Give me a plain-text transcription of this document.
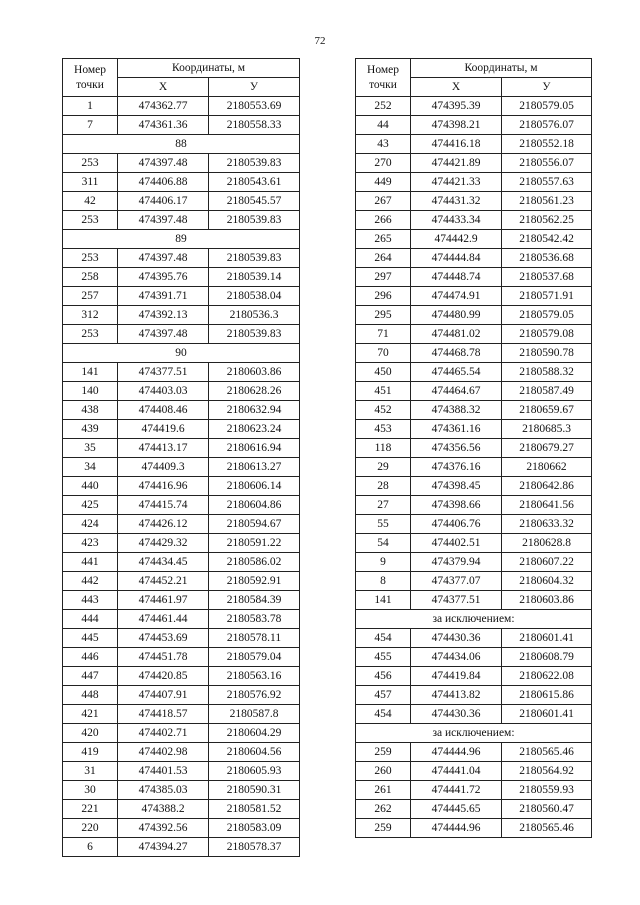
72
Номер точки	Координаты, м	
	X	У
1	474362.77	2180553.69
7	474361.36	2180558.33
88		
253	474397.48	2180539.83
311	474406.88	2180543.61
42	474406.17	2180545.57
253	474397.48	2180539.83
89		
253	474397.48	2180539.83
258	474395.76	2180539.14
257	474391.71	2180538.04
312	474392.13	2180536.3
253	474397.48	2180539.83
90		
141	474377.51	2180603.86
140	474403.03	2180628.26
438	474408.46	2180632.94
439	474419.6	2180623.24
35	474413.17	2180616.94
34	474409.3	2180613.27
440	474416.96	2180606.14
425	474415.74	2180604.86
424	474426.12	2180594.67
423	474429.32	2180591.22
441	474434.45	2180586.02
442	474452.21	2180592.91
443	474461.97	2180584.39
444	474461.44	2180583.78
445	474453.69	2180578.11
446	474451.78	2180579.04
447	474420.85	2180563.16
448	474407.91	2180576.92
421	474418.57	2180587.8
420	474402.71	2180604.29
419	474402.98	2180604.56
31	474401.53	2180605.93
30	474385.03	2180590.31
221	474388.2	2180581.52
220	474392.56	2180583.09
6	474394.27	2180578.37
Номер точки	Координаты, м	
	X	У
252	474395.39	2180579.05
44	474398.21	2180576.07
43	474416.18	2180552.18
270	474421.89	2180556.07
449	474421.33	2180557.63
267	474431.32	2180561.23
266	474433.34	2180562.25
265	474442.9	2180542.42
264	474444.84	2180536.68
297	474448.74	2180537.68
296	474474.91	2180571.91
295	474480.99	2180579.05
71	474481.02	2180579.08
70	474468.78	2180590.78
450	474465.54	2180588.32
451	474464.67	2180587.49
452	474388.32	2180659.67
453	474361.16	2180685.3
118	474356.56	2180679.27
29	474376.16	2180662
28	474398.45	2180642.86
27	474398.66	2180641.56
55	474406.76	2180633.32
54	474402.51	2180628.8
9	474379.94	2180607.22
8	474377.07	2180604.32
141	474377.51	2180603.86
за исключением:		
454	474430.36	2180601.41
455	474434.06	2180608.79
456	474419.84	2180622.08
457	474413.82	2180615.86
454	474430.36	2180601.41
за исключением:		
259	474444.96	2180565.46
260	474441.04	2180564.92
261	474441.72	2180559.93
262	474445.65	2180560.47
259	474444.96	2180565.46
